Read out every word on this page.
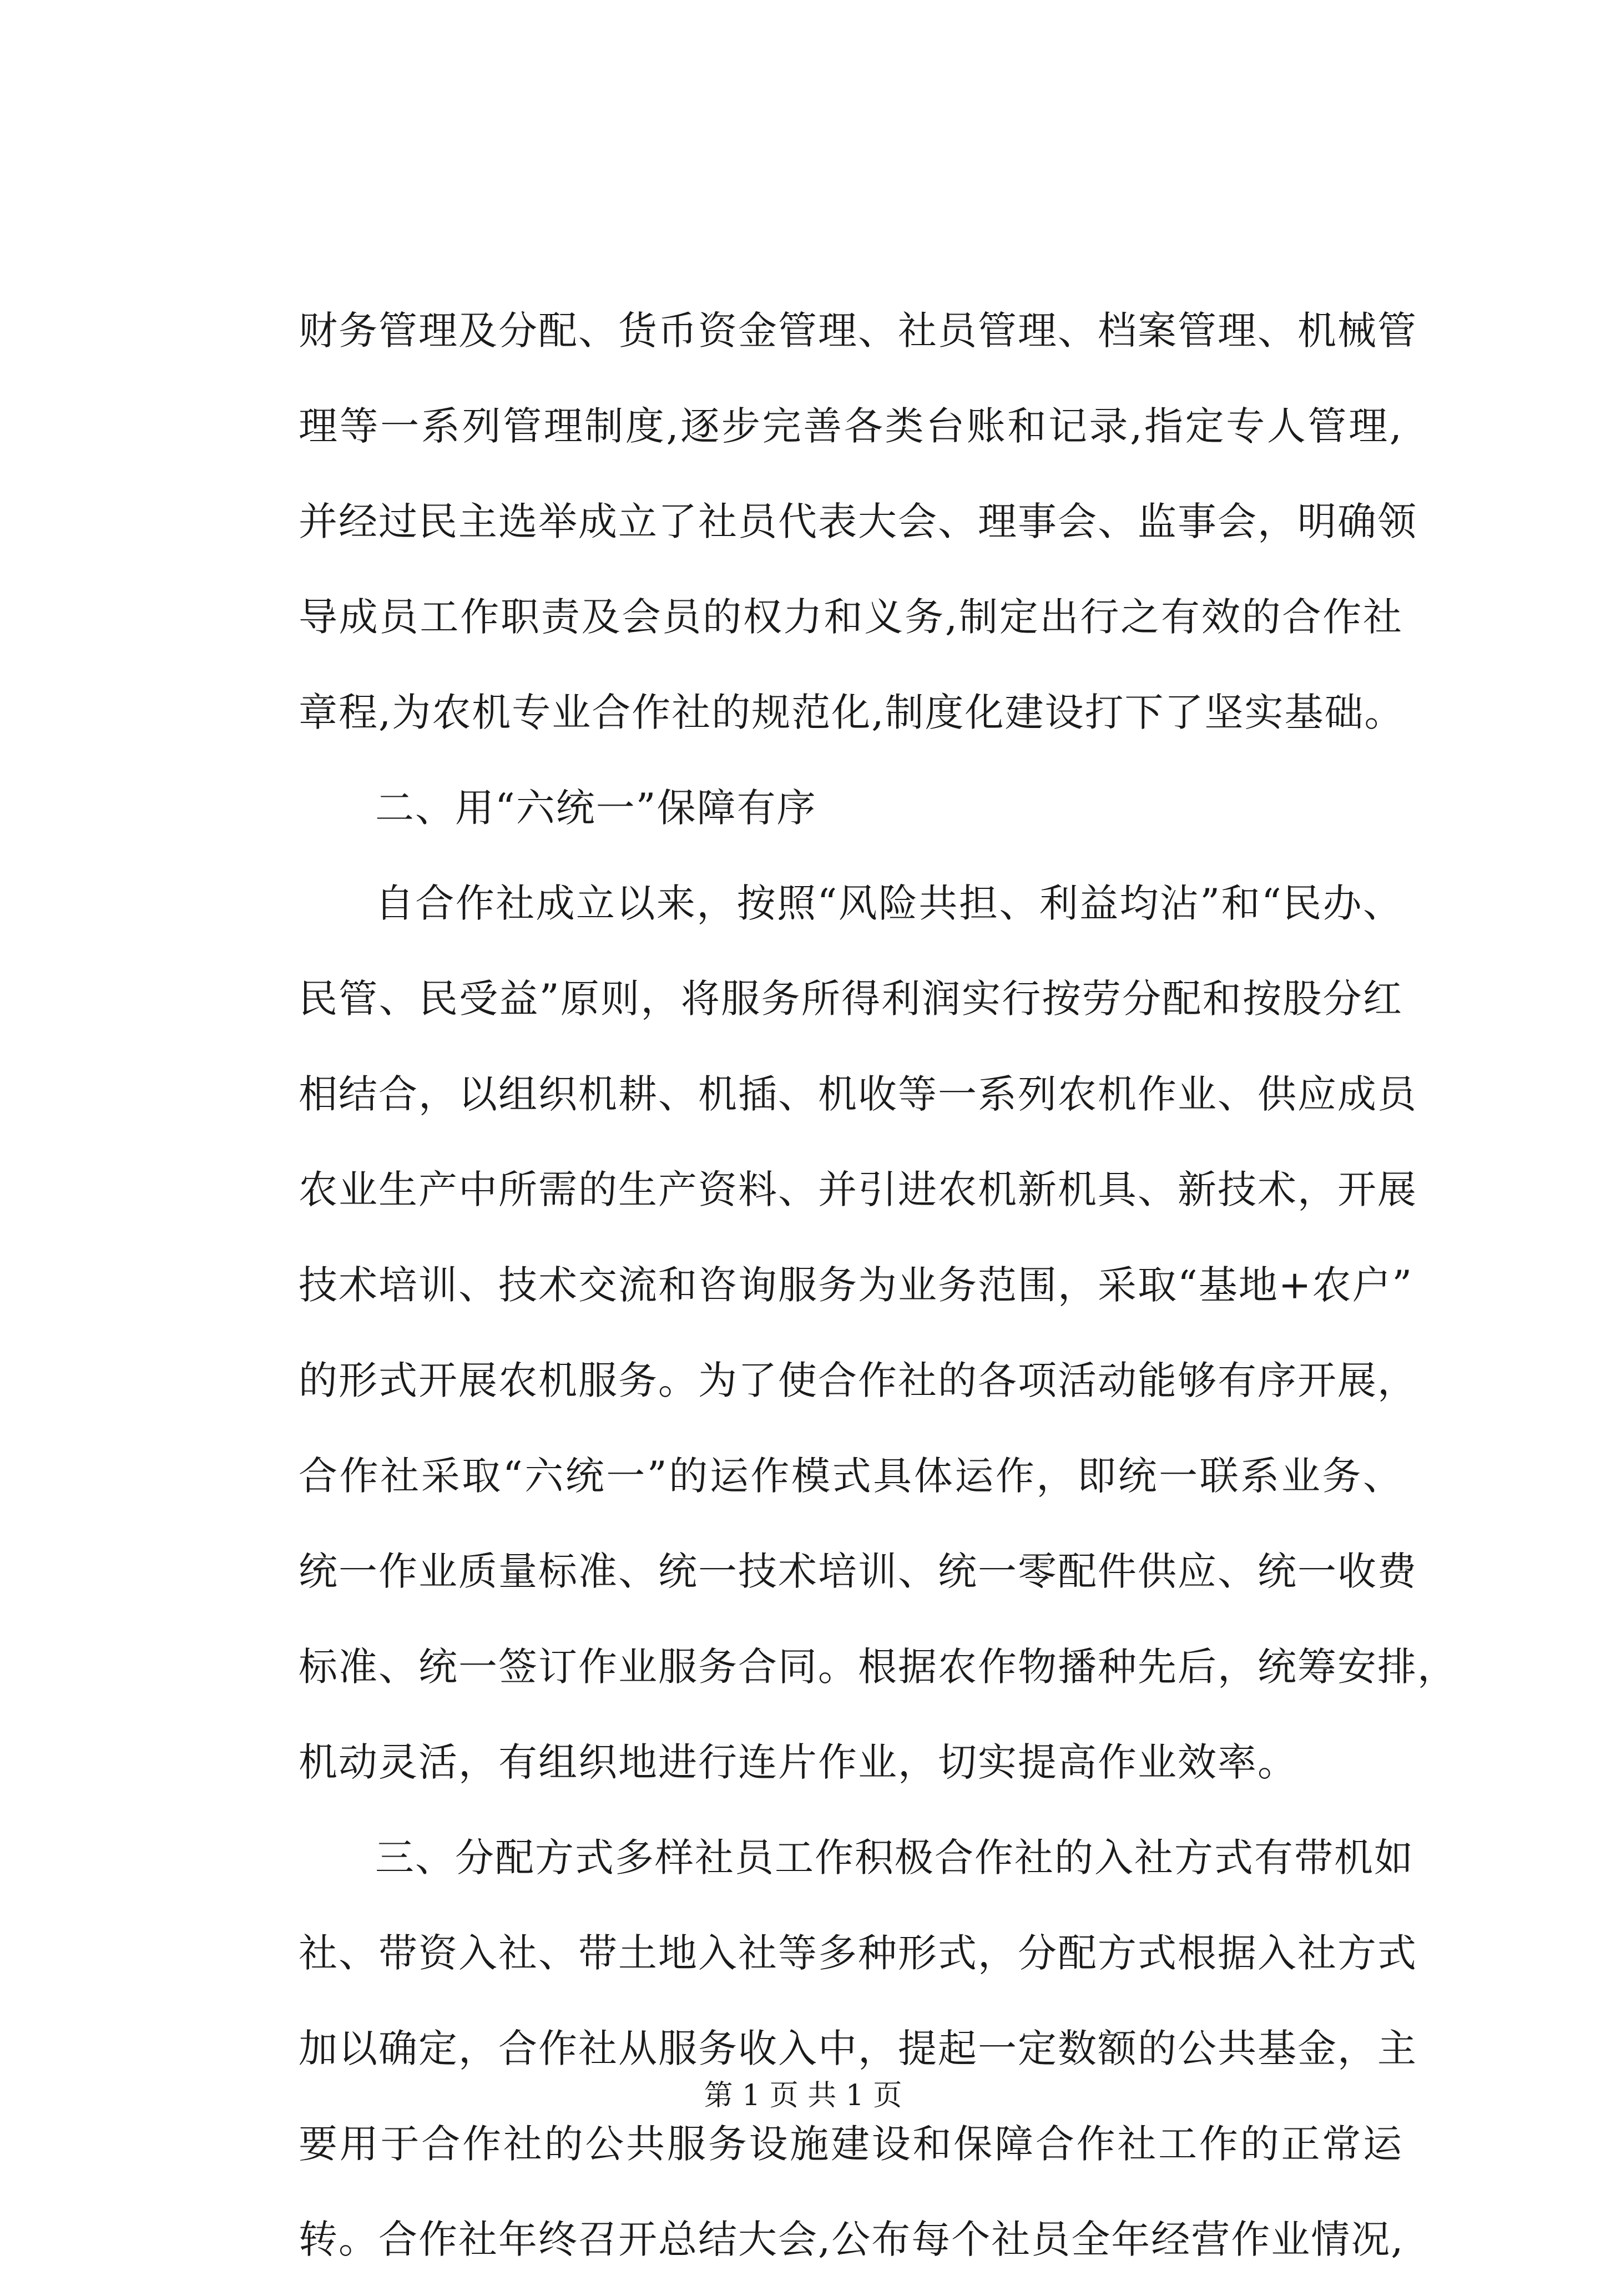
财务管理及分配、货币资金管理、社员管理、档案管理、机械管
理等一系列管理制度,逐步完善各类台账和记录,指定专人管理,
并经过民主选举成立了社员代表大会、理事会、监事会，明确领
导成员工作职责及会员的权力和义务,制定出行之有效的合作社
章程,为农机专业合作社的规范化,制度化建设打下了坚实基础。
二、用“六统一”保障有序
自合作社成立以来，按照“风险共担、利益均沾”和“民办、
民管、民受益”原则，将服务所得利润实行按劳分配和按股分红
相结合，以组织机耕、机插、机收等一系列农机作业、供应成员
农业生产中所需的生产资料、并引进农机新机具、新技术，开展
技术培训、技术交流和咨询服务为业务范围，采取“基地+农户”
的形式开展农机服务。为了使合作社的各项活动能够有序开展，
合作社采取“六统一”的运作模式具体运作，即统一联系业务、
统一作业质量标准、统一技术培训、统一零配件供应、统一收费
标准、统一签订作业服务合同。根据农作物播种先后，统筹安排，
机动灵活，有组织地进行连片作业，切实提高作业效率。
三、分配方式多样社员工作积极合作社的入社方式有带机如
社、带资入社、带土地入社等多种形式，分配方式根据入社方式
加以确定，合作社从服务收入中，提起一定数额的公共基金，主
要用于合作社的公共服务设施建设和保障合作社工作的正常运
转。合作社年终召开总结大会,公布每个社员全年经营作业情况,
第 1 页 共 1 页
